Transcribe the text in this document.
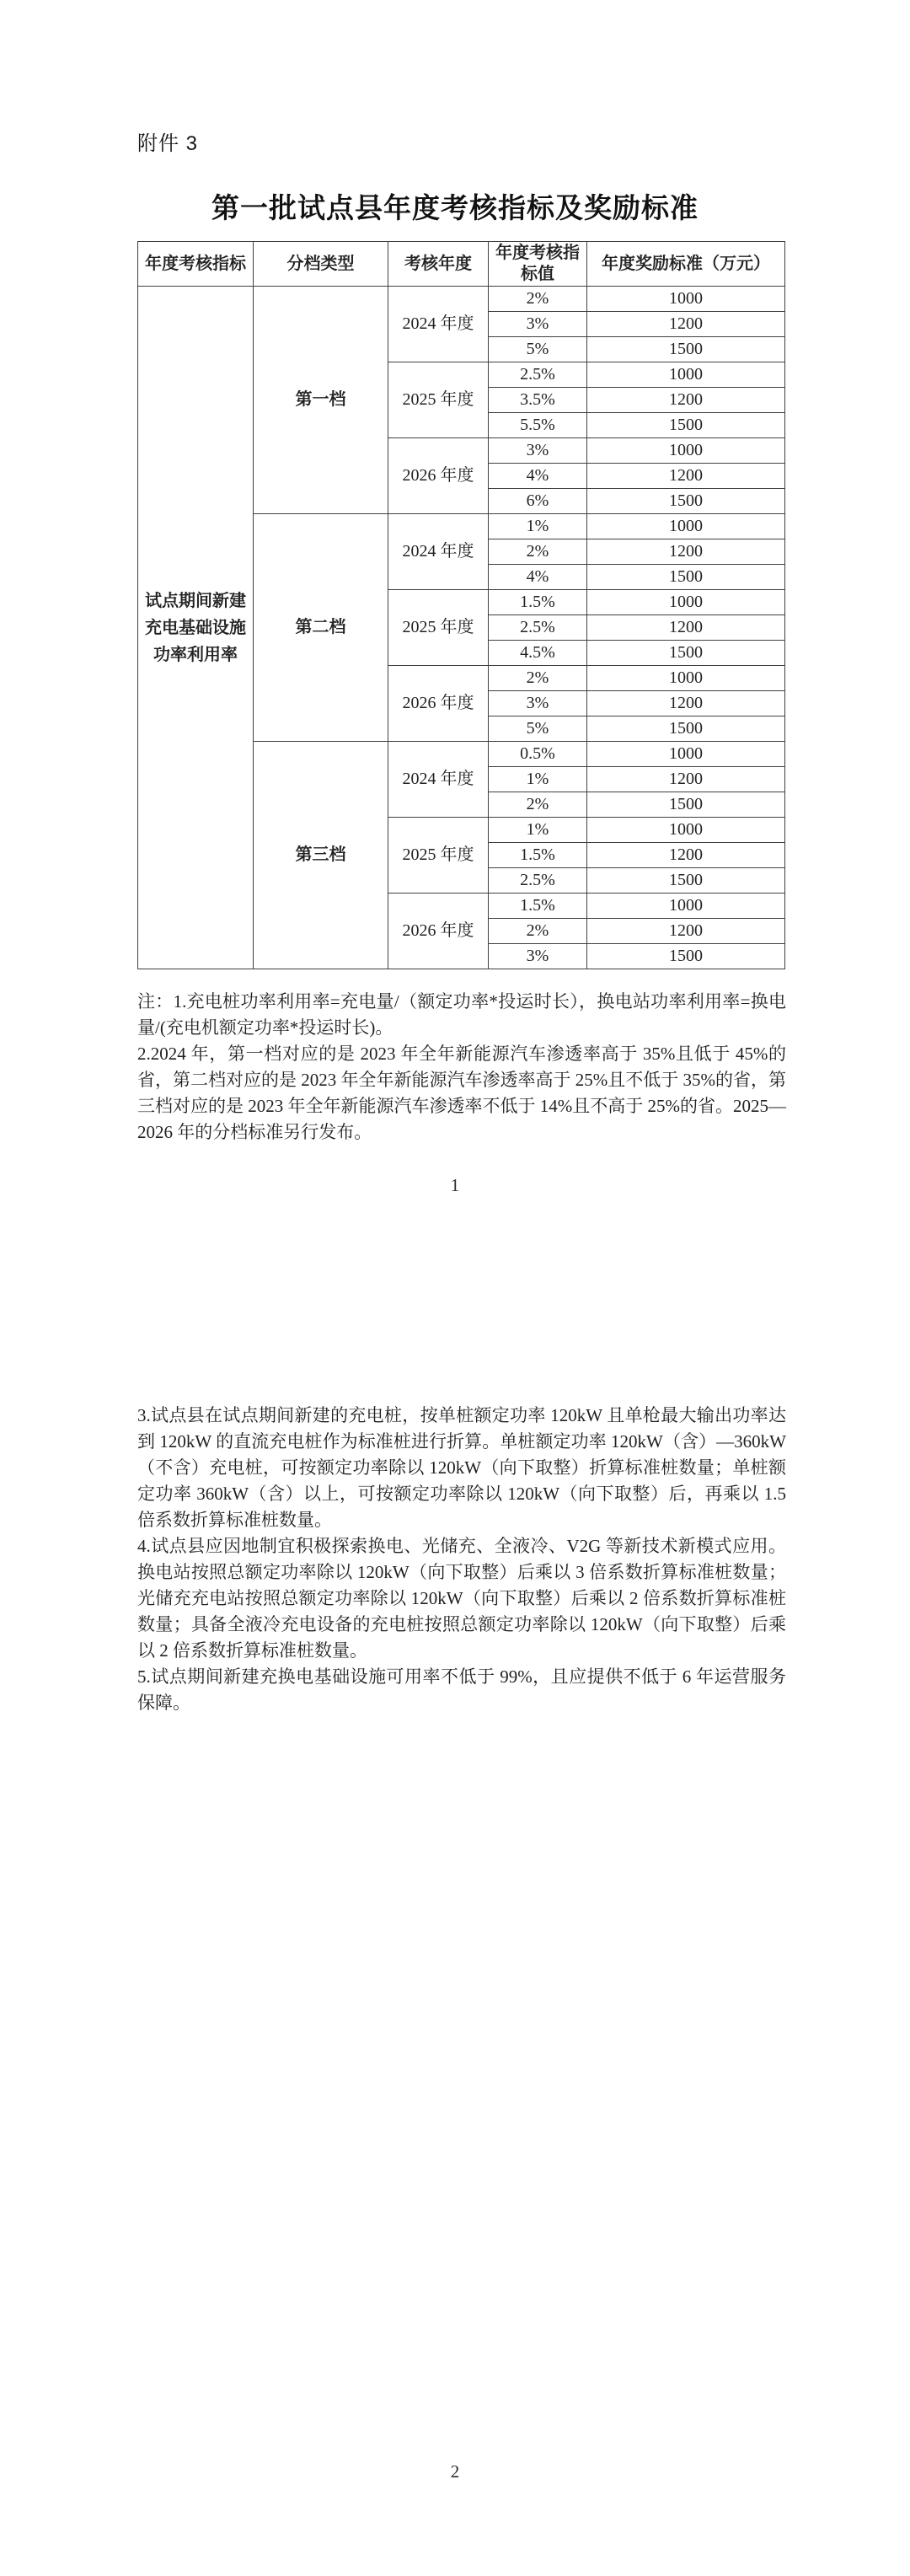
附件 3
第一批试点县年度考核指标及奖励标准
年度考核指标	分档类型	考核年度	年度考核指标值	年度奖励标准（万元）
试点期间新建充电基础设施功率利用率	第一档	2024 年度	2%	1000
			3%	1200
			5%	1500
		2025 年度	2.5%	1000
			3.5%	1200
			5.5%	1500
		2026 年度	3%	1000
			4%	1200
			6%	1500
	第二档	2024 年度	1%	1000
			2%	1200
			4%	1500
		2025 年度	1.5%	1000
			2.5%	1200
			4.5%	1500
		2026 年度	2%	1000
			3%	1200
			5%	1500
	第三档	2024 年度	0.5%	1000
			1%	1200
			2%	1500
		2025 年度	1%	1000
			1.5%	1200
			2.5%	1500
		2026 年度	1.5%	1000
			2%	1200
			3%	1500

注：1.充电桩功率利用率=充电量/（额定功率*投运时长），换电站功率利用率=换电量/(充电机额定功率*投运时长)。

2.2024 年，第一档对应的是 2023 年全年新能源汽车渗透率高于 35%且低于 45%的省，第二档对应的是 2023 年全年新能源汽车渗透率高于 25%且不低于 35%的省，第三档对应的是 2023 年全年新能源汽车渗透率不低于 14%且不高于 25%的省。2025—2026 年的分档标准另行发布。

1

3.试点县在试点期间新建的充电桩，按单桩额定功率 120kW 且单枪最大输出功率达到 120kW 的直流充电桩作为标准桩进行折算。单桩额定功率 120kW（含）—360kW（不含）充电桩，可按额定功率除以 120kW（向下取整）折算标准桩数量；单桩额定功率 360kW（含）以上，可按额定功率除以 120kW（向下取整）后，再乘以 1.5 倍系数折算标准桩数量。

4.试点县应因地制宜积极探索换电、光储充、全液冷、V2G 等新技术新模式应用。换电站按照总额定功率除以 120kW（向下取整）后乘以 3 倍系数折算标准桩数量；光储充充电站按照总额定功率除以 120kW（向下取整）后乘以 2 倍系数折算标准桩数量；具备全液冷充电设备的充电桩按照总额定功率除以 120kW（向下取整）后乘以 2 倍系数折算标准桩数量。

5.试点期间新建充换电基础设施可用率不低于 99%，且应提供不低于 6 年运营服务保障。

2
